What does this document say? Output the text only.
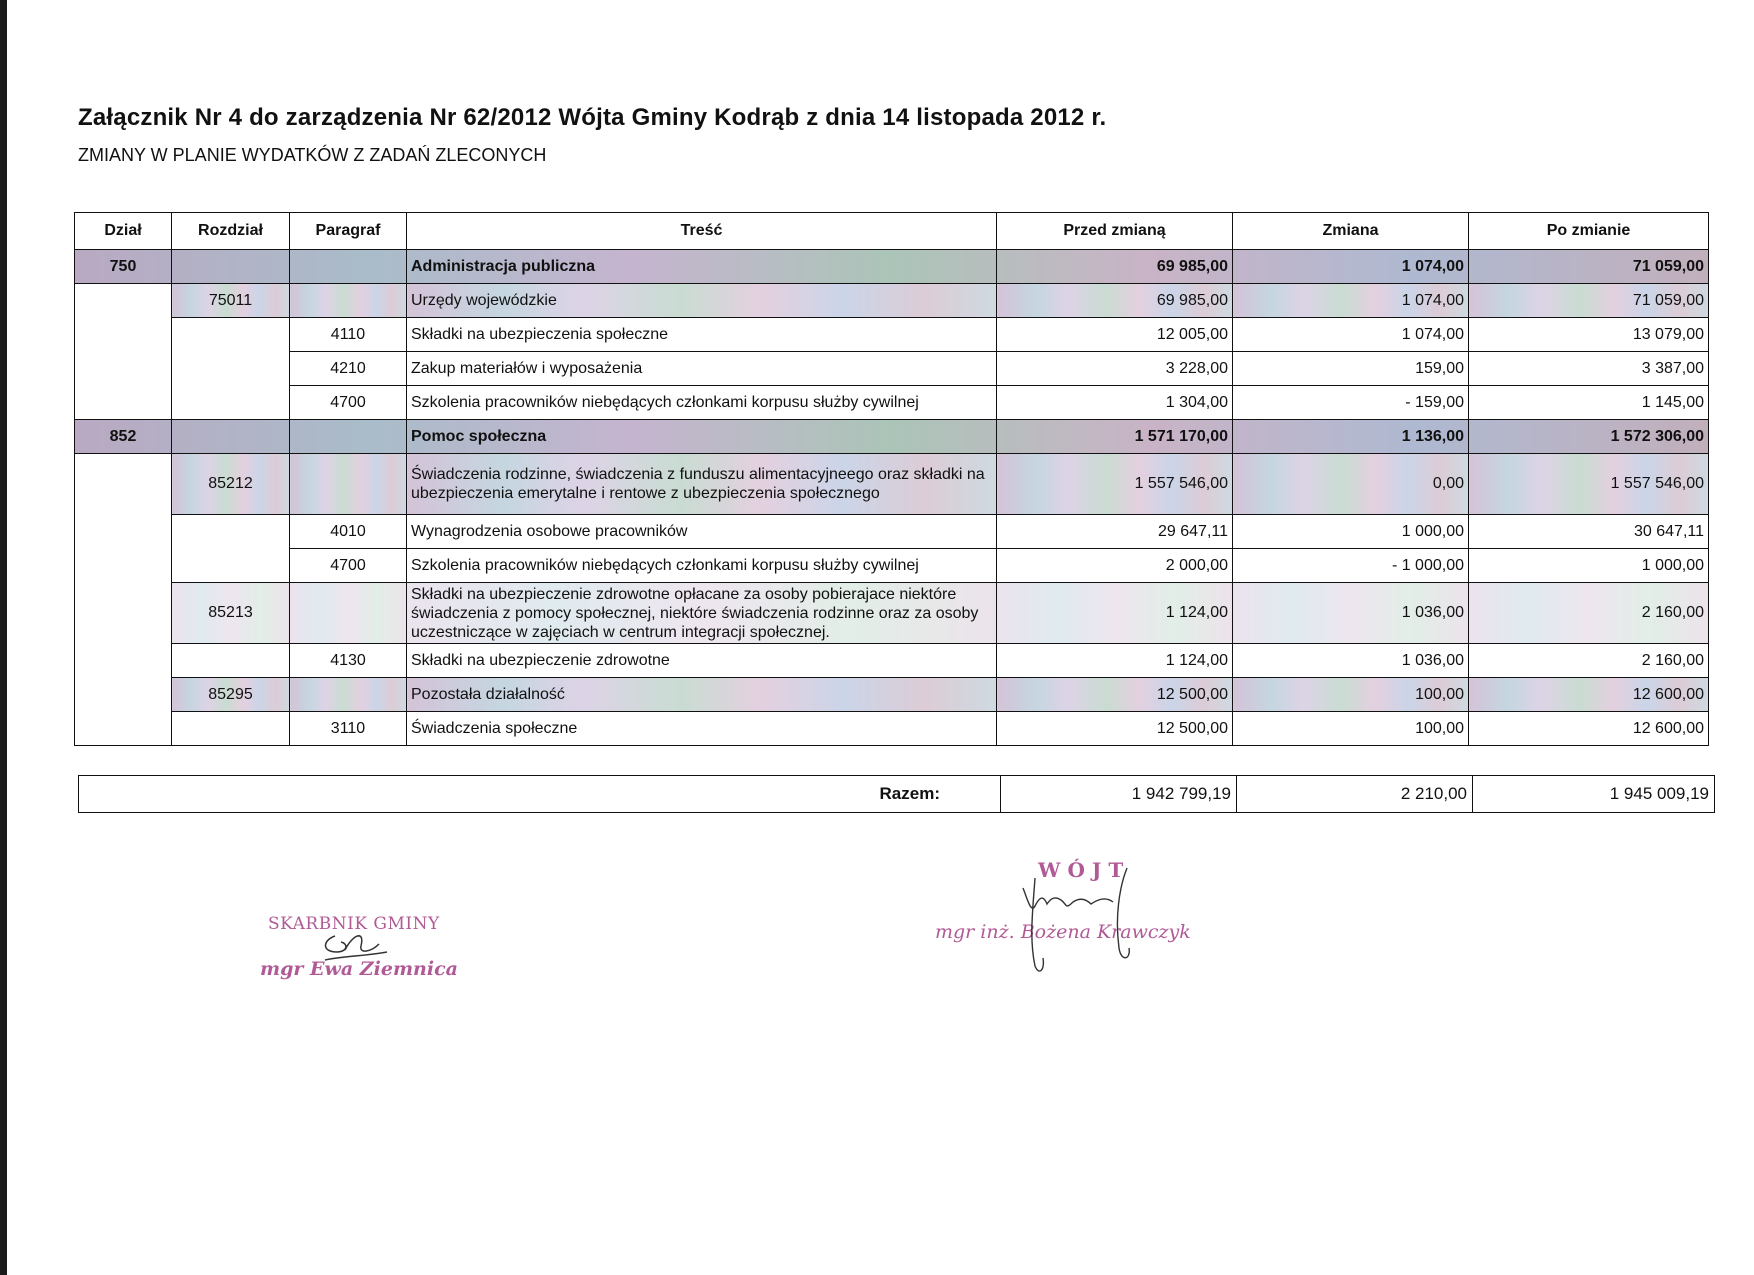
Załącznik Nr 4 do zarządzenia Nr 62/2012 Wójta Gminy Kodrąb z dnia 14 listopada 2012 r.

ZMIANY W PLANIE WYDATKÓW Z ZADAŃ ZLECONYCH

Dział	Rozdział	Paragraf	Treść	Przed zmianą	Zmiana	Po zmianie
750			Administracja publiczna	69 985,00	1 074,00	71 059,00
	75011		Urzędy wojewódzkie	69 985,00	1 074,00	71 059,00
		4110	Składki na ubezpieczenia społeczne	12 005,00	1 074,00	13 079,00
		4210	Zakup materiałów i wyposażenia	3 228,00	159,00	3 387,00
		4700	Szkolenia pracowników niebędących członkami korpusu służby cywilnej	1 304,00	- 159,00	1 145,00
852			Pomoc społeczna	1 571 170,00	1 136,00	1 572 306,00
	85212		Świadczenia rodzinne, świadczenia z funduszu alimentacyjneego oraz składki na ubezpieczenia emerytalne i rentowe z ubezpieczenia społecznego	1 557 546,00	0,00	1 557 546,00
		4010	Wynagrodzenia osobowe pracowników	29 647,11	1 000,00	30 647,11
		4700	Szkolenia pracowników niebędących członkami korpusu służby cywilnej	2 000,00	- 1 000,00	1 000,00
	85213		Składki na ubezpieczenie zdrowotne opłacane za osoby pobierajace niektóre świadczenia z pomocy społecznej, niektóre świadczenia rodzinne oraz za osoby uczestniczące w zajęciach w centrum integracji społecznej.	1 124,00	1 036,00	2 160,00
		4130	Składki na ubezpieczenie zdrowotne	1 124,00	1 036,00	2 160,00
	85295		Pozostała działalność	12 500,00	100,00	12 600,00
		3110	Świadczenia społeczne	12 500,00	100,00	12 600,00
Razem:	1 942 799,19	2 210,00	1 945 009,19
SKARBNIK GMINY
mgr Ewa Ziemnica
WÓJT
mgr inż. Bożena Krawczyk
